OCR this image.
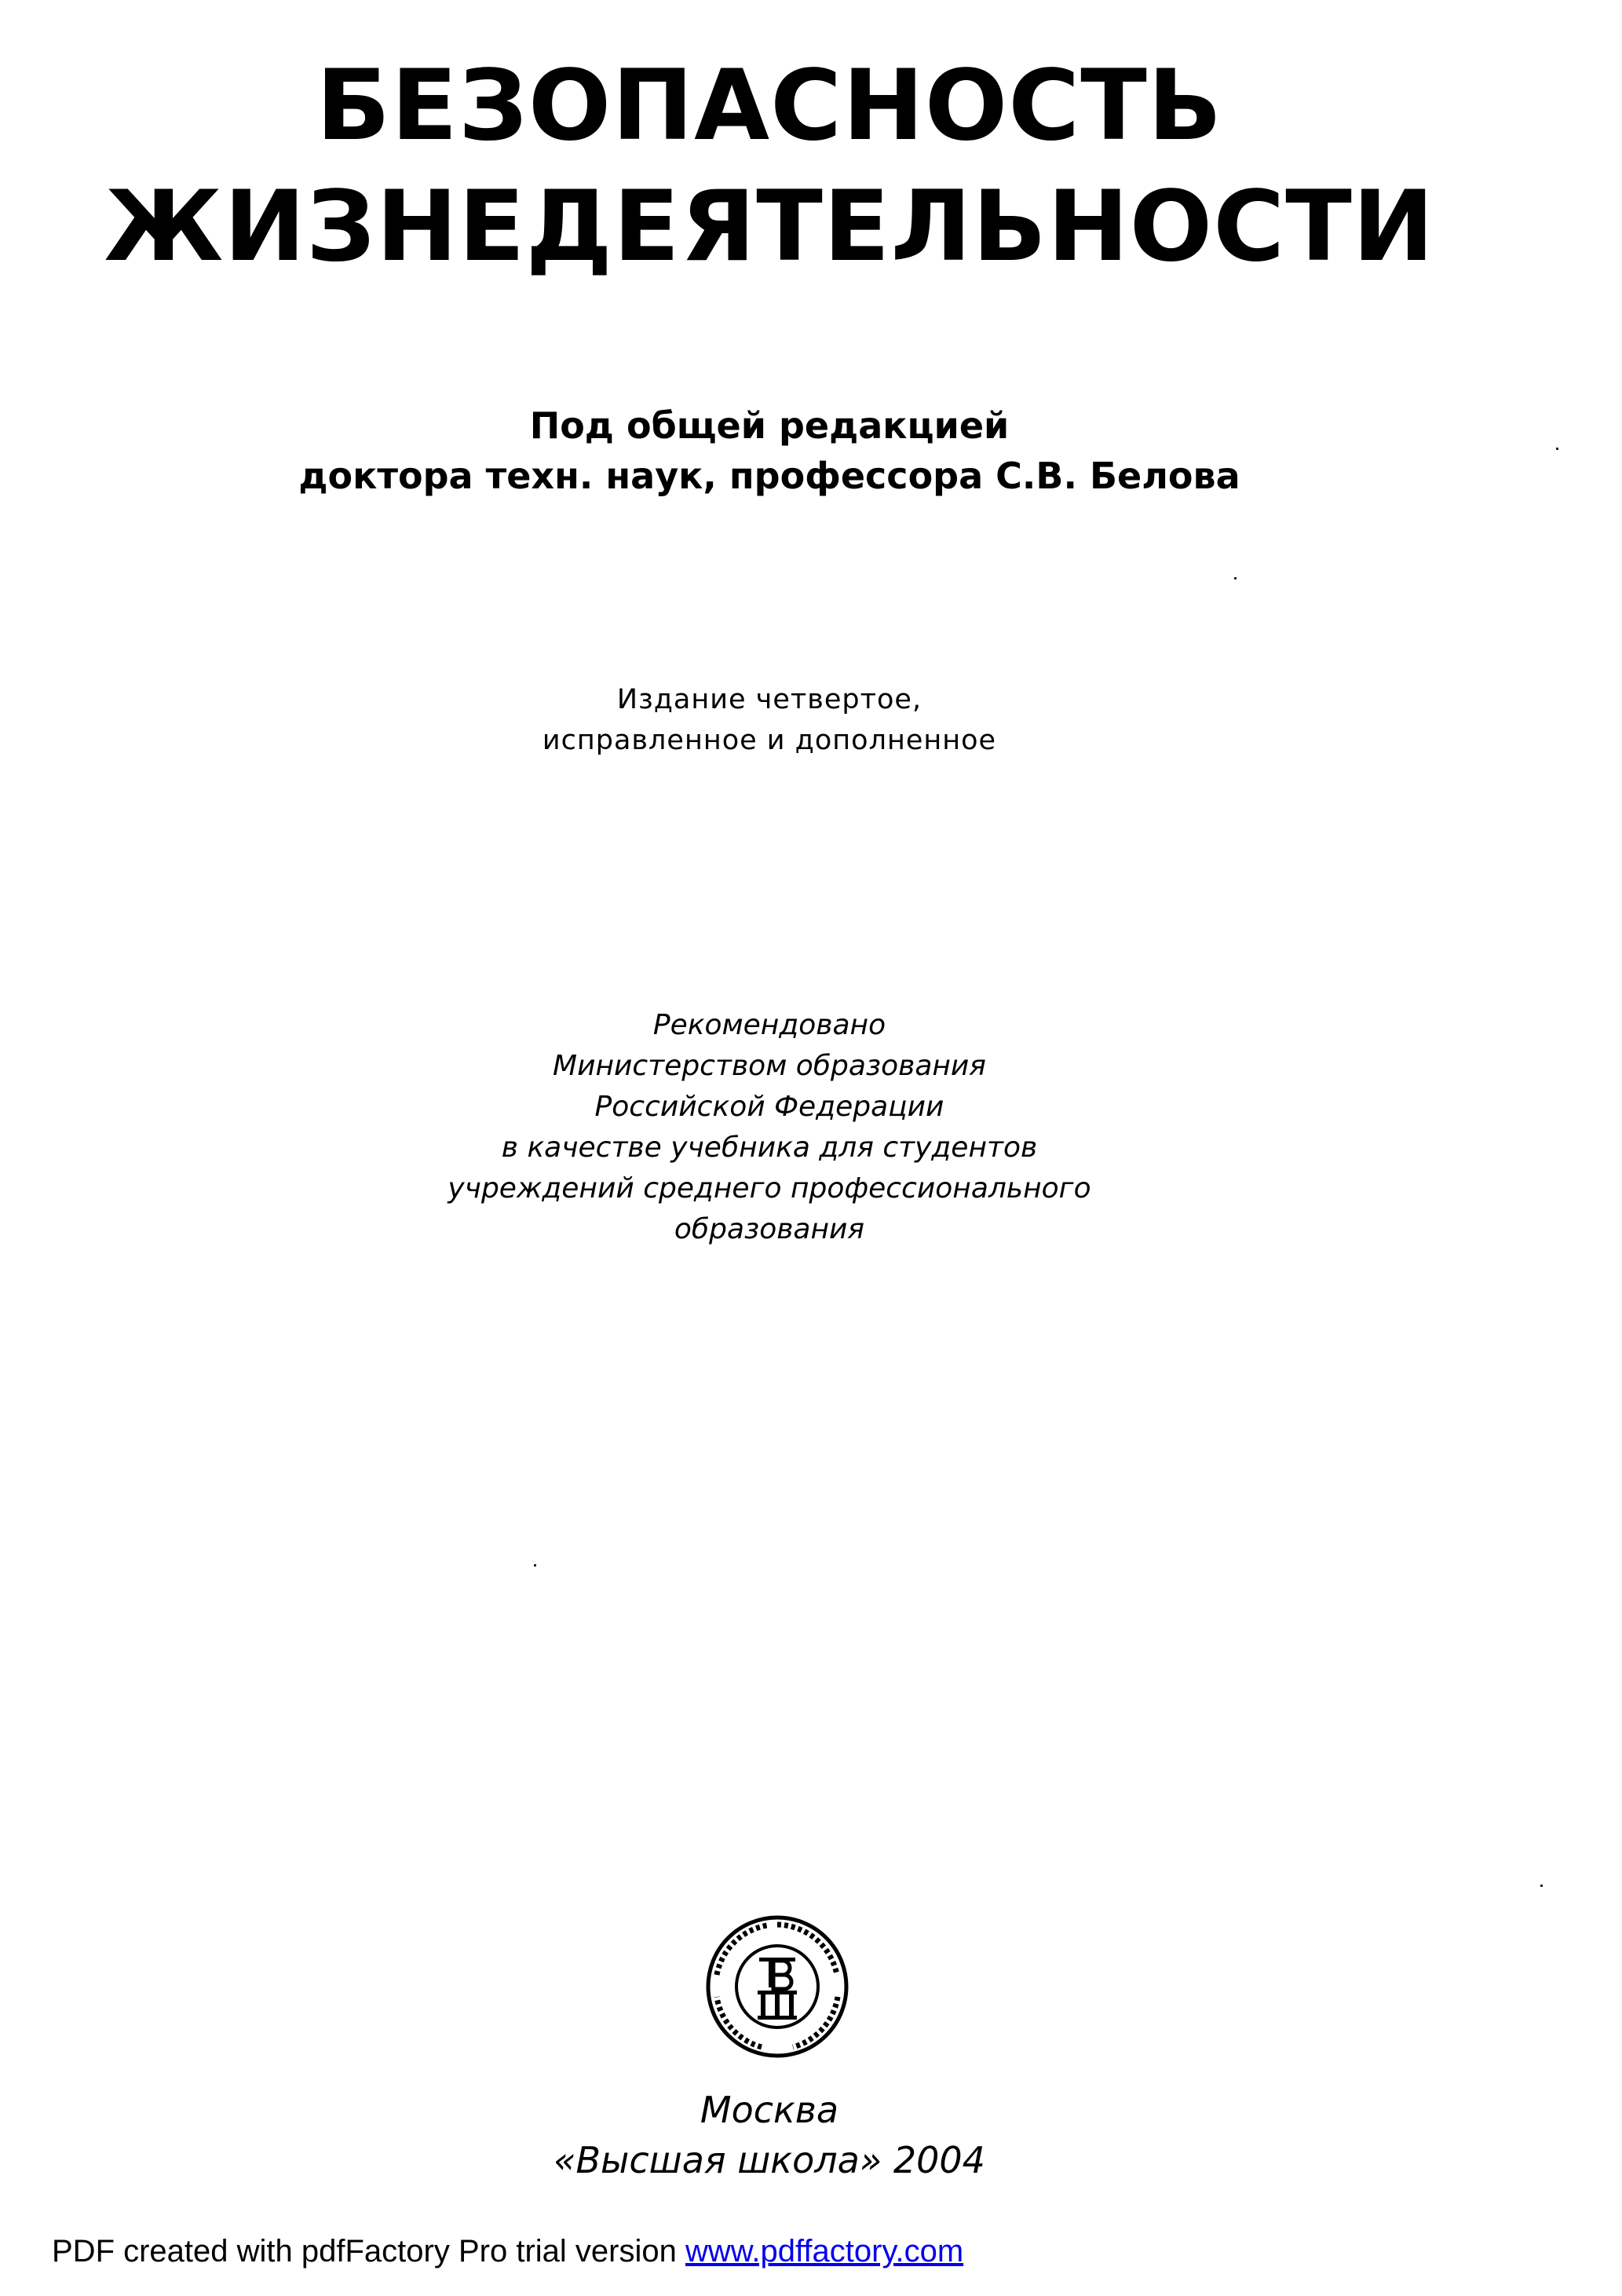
БЕЗОПАСНОСТЬ
ЖИЗНЕДЕЯТЕЛЬНОСТИ
Под общей редакцией
доктора техн. наук, профессора С.В. Белова
Издание четвертое,
исправленное и дополненное
Рекомендовано
Министерством образования
Российской Федерации
в качестве учебника для студентов
учреждений среднего профессионального
образования
Москва
«Высшая школа» 2004
PDF created with pdfFactory Pro trial version www.pdffactory.com
